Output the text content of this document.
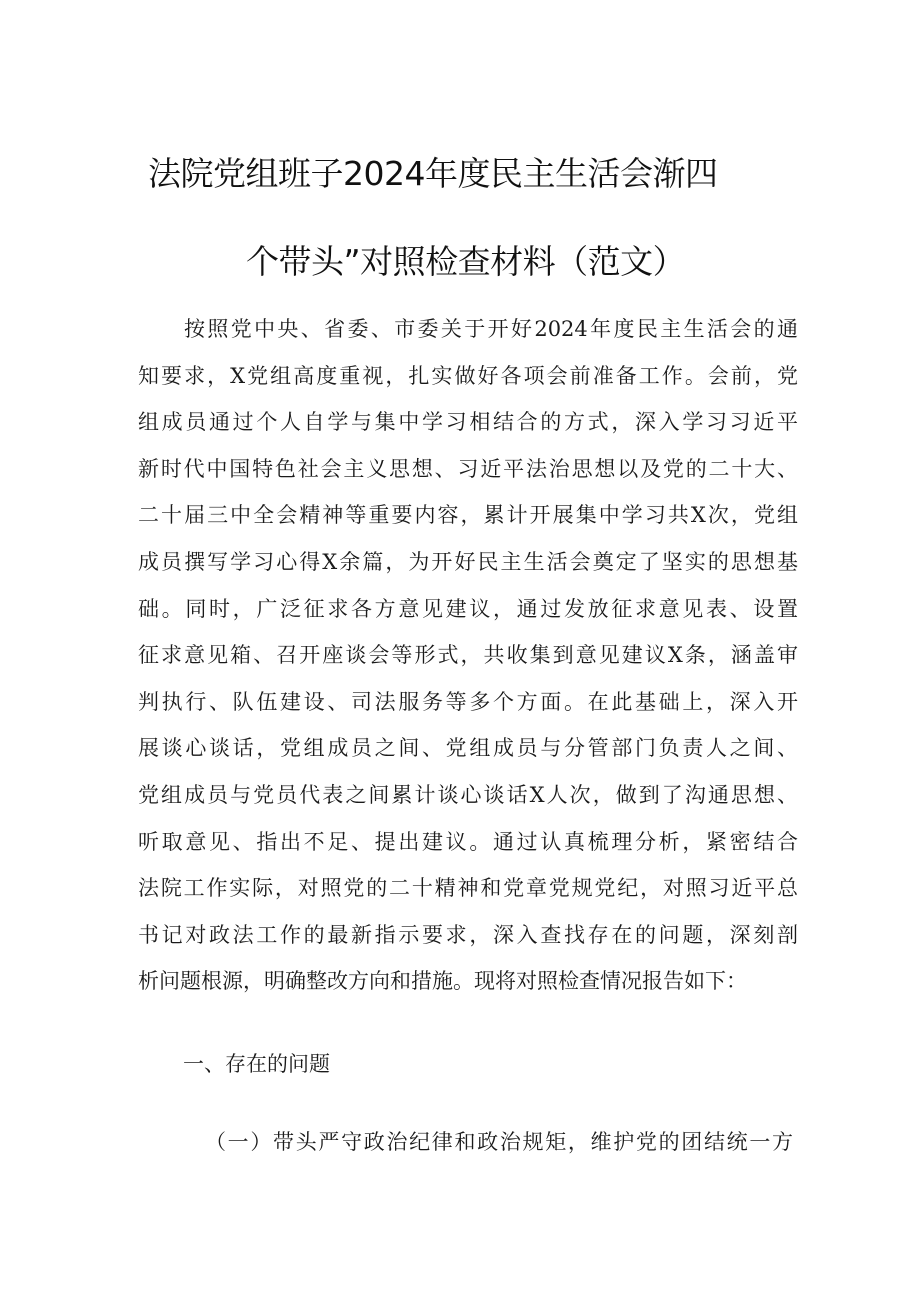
法院党组班子2024年度民主生活会渐四
个带头”对照检查材料（范文）
按照党中央、省委、市委关于开好2024年度民主生活会的通
知要求，X党组高度重视，扎实做好各项会前准备工作。会前，党
组成员通过个人自学与集中学习相结合的方式，深入学习习近平
新时代中国特色社会主义思想、习近平法治思想以及党的二十大、
二十届三中全会精神等重要内容，累计开展集中学习共X次，党组
成员撰写学习心得X余篇，为开好民主生活会奠定了坚实的思想基
础。同时，广泛征求各方意见建议，通过发放征求意见表、设置
征求意见箱、召开座谈会等形式，共收集到意见建议X条，涵盖审
判执行、队伍建设、司法服务等多个方面。在此基础上，深入开
展谈心谈话，党组成员之间、党组成员与分管部门负责人之间、
党组成员与党员代表之间累计谈心谈话X人次，做到了沟通思想、
听取意见、指出不足、提出建议。通过认真梳理分析，紧密结合
法院工作实际，对照党的二十精神和党章党规党纪，对照习近平总
书记对政法工作的最新指示要求，深入查找存在的问题，深刻剖
析问题根源，明确整改方向和措施。现将对照检查情况报告如下：
一、存在的问题
（一）带头严守政治纪律和政治规矩，维护党的团结统一方
